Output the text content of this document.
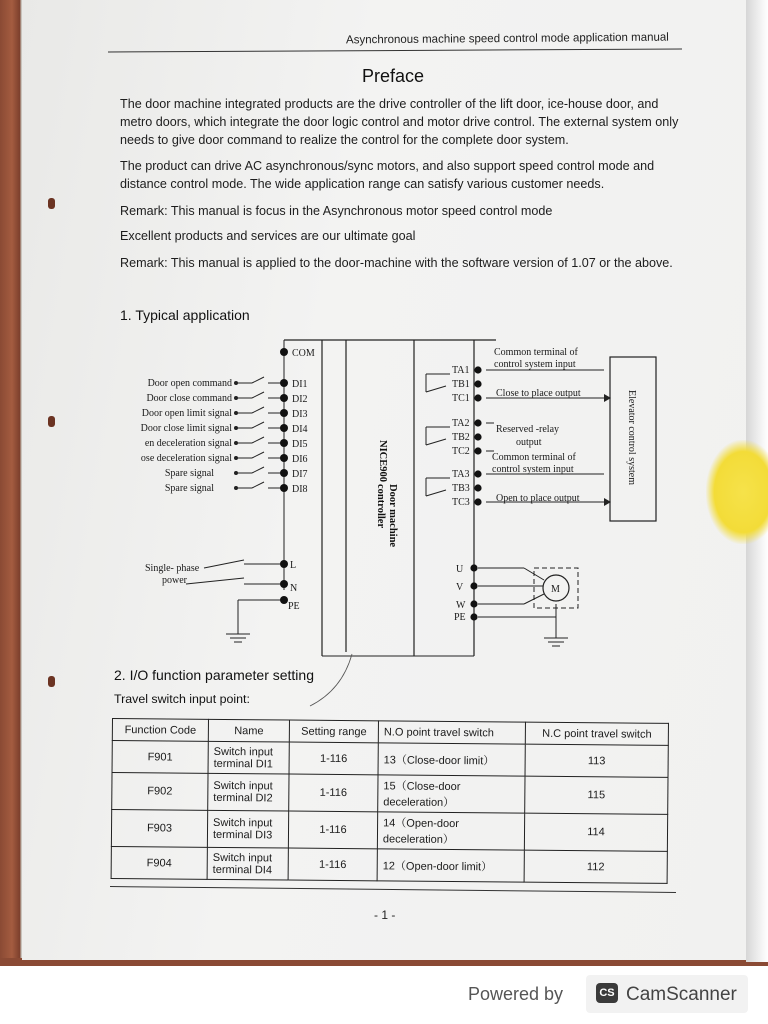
Asynchronous machine speed control mode application manual
Preface
The door machine integrated products are the drive controller of the lift door, ice-house door, and metro doors, which integrate the door logic control and motor drive control. The external system only needs to give door command to realize the control for the complete door system.
The product can drive AC asynchronous/sync motors, and also support speed control mode and distance control mode. The wide application range can satisfy various customer needs.
Remark: This manual is focus in the Asynchronous motor speed control mode
Excellent products and services are our ultimate goal
Remark: This manual is applied to the door-machine with the software version of 1.07 or the above.
1. Typical application
COM
Door open command	DI1
Door close command	DI2
Door open limit signal	DI3
Door close limit signal	DI4
en deceleration signal	DI5
ose deceleration signal	DI6
Spare signal	DI7
Spare signal	DI8
NICE900
Door machine
controller
Single- phase
power
L
N
PE
TA1
TB1
TC1
TA2
TB2
TC2
TA3
TB3
TC3
Common terminal of
control system input
Close to place output
Reserved -relay
output
Common terminal of
control system input
Open to place output
Elevator control system
U
V
W
PE
M
2. I/O function parameter setting
Travel switch input point:
Function Code	Name	Setting range	N.O point travel switch	N.C point travel switch
F901	Switch input terminal DI1	1-116	13（Close-door limit）	113
F902	Switch input terminal DI2	1-116	15（Close-door deceleration）	115
F903	Switch input terminal DI3	1-116	14（Open-door deceleration）	114
F904	Switch input terminal DI4	1-116	12（Open-door limit）	112
- 1 -
Powered by	CS CamScanner
